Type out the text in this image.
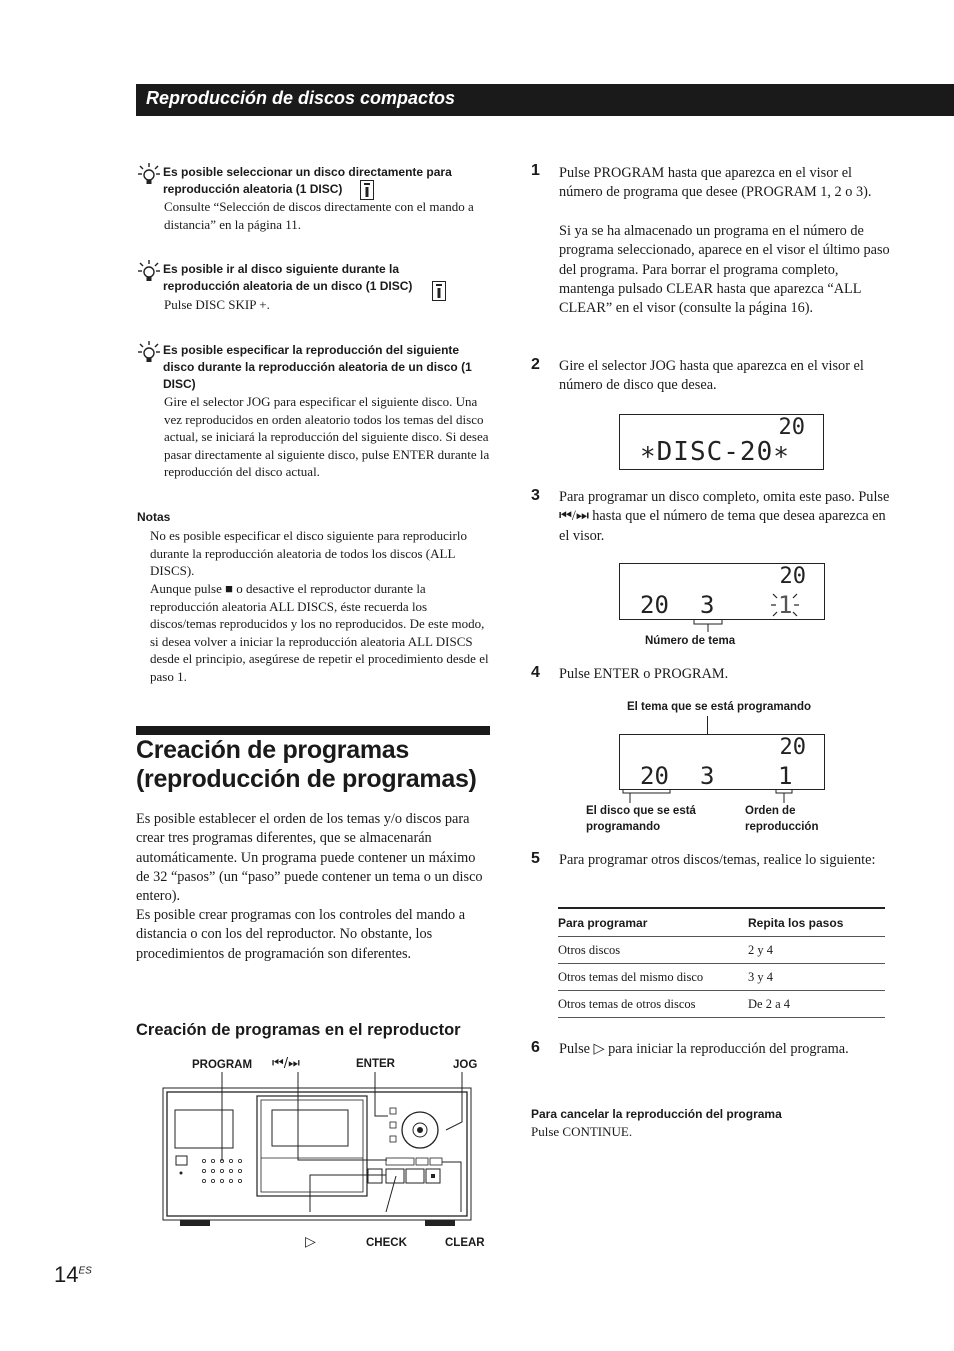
Reproducción de discos compactos
Es posible seleccionar un disco directamente para reproducción aleatoria (1 DISC)
Consulte “Selección de discos directamente con el mando a distancia” en la página 11.
Es posible ir al disco siguiente durante la reproducción aleatoria de un disco (1 DISC)
Pulse DISC SKIP +.
Es posible especificar la reproducción del siguiente disco durante la reproducción aleatoria de un disco (1 DISC)
Gire el selector JOG para especificar el siguiente disco. Una vez reproducidos en orden aleatorio todos los temas del disco actual, se iniciará la reproducción del siguiente disco. Si desea pasar directamente al siguiente disco, pulse ENTER durante la reproducción del disco actual.
Notas
No es posible especificar el disco siguiente para reproducirlo durante la reproducción aleatoria de todos los discos (ALL DISCS).
Aunque pulse ■ o desactive el reproductor durante la reproducción aleatoria ALL DISCS, éste recuerda los discos/temas reproducidos y los no reproducidos. De este modo, si desea volver a iniciar la reproducción aleatoria ALL DISCS desde el principio, asegúrese de repetir el procedimiento desde el paso 1.
Creación de programas
(reproducción de programas)
Es posible establecer el orden de los temas y/o discos para crear tres programas diferentes, que se almacenarán automáticamente. Un programa puede contener un máximo de 32 “pasos” (un “paso” puede contener un tema o un disco entero).
Es posible crear programas con los controles del mando a distancia o con los del reproductor. No obstante, los procedimientos de programación son diferentes.
Creación de programas en el reproductor
PROGRAM ⏮/⏭	ENTER	JOG
▷	CHECK	CLEAR
1 Pulse PROGRAM hasta que aparezca en el visor el número de programa que desee (PROGRAM 1, 2 o 3).
Si ya se ha almacenado un programa en el número de programa seleccionado, aparece en el visor el último paso del programa. Para borrar el programa completo, mantenga pulsado CLEAR hasta que aparezca “ALL CLEAR” en el visor (consulte la página 16).
2 Gire el selector JOG hasta que aparezca en el visor el número de disco que desea.
20
∗DISC-20∗
3 Para programar un disco completo, omita este paso. Pulse ⏮/⏭ hasta que el número de tema que desea aparezca en el visor.
20
20 3	1
Número de tema
4 Pulse ENTER o PROGRAM.
El tema que se está programando
20
20 3	1
El disco que se está programando
Orden de reproducción
5 Para programar otros discos/temas, realice lo siguiente:
Para programar	Repita los pasos
Otros discos	2 y 4
Otros temas del mismo disco	3 y 4
Otros temas de otros discos	De 2 a 4
6 Pulse ▷ para iniciar la reproducción del programa.
Para cancelar la reproducción del programa
Pulse CONTINUE.
$14^{ES}$
